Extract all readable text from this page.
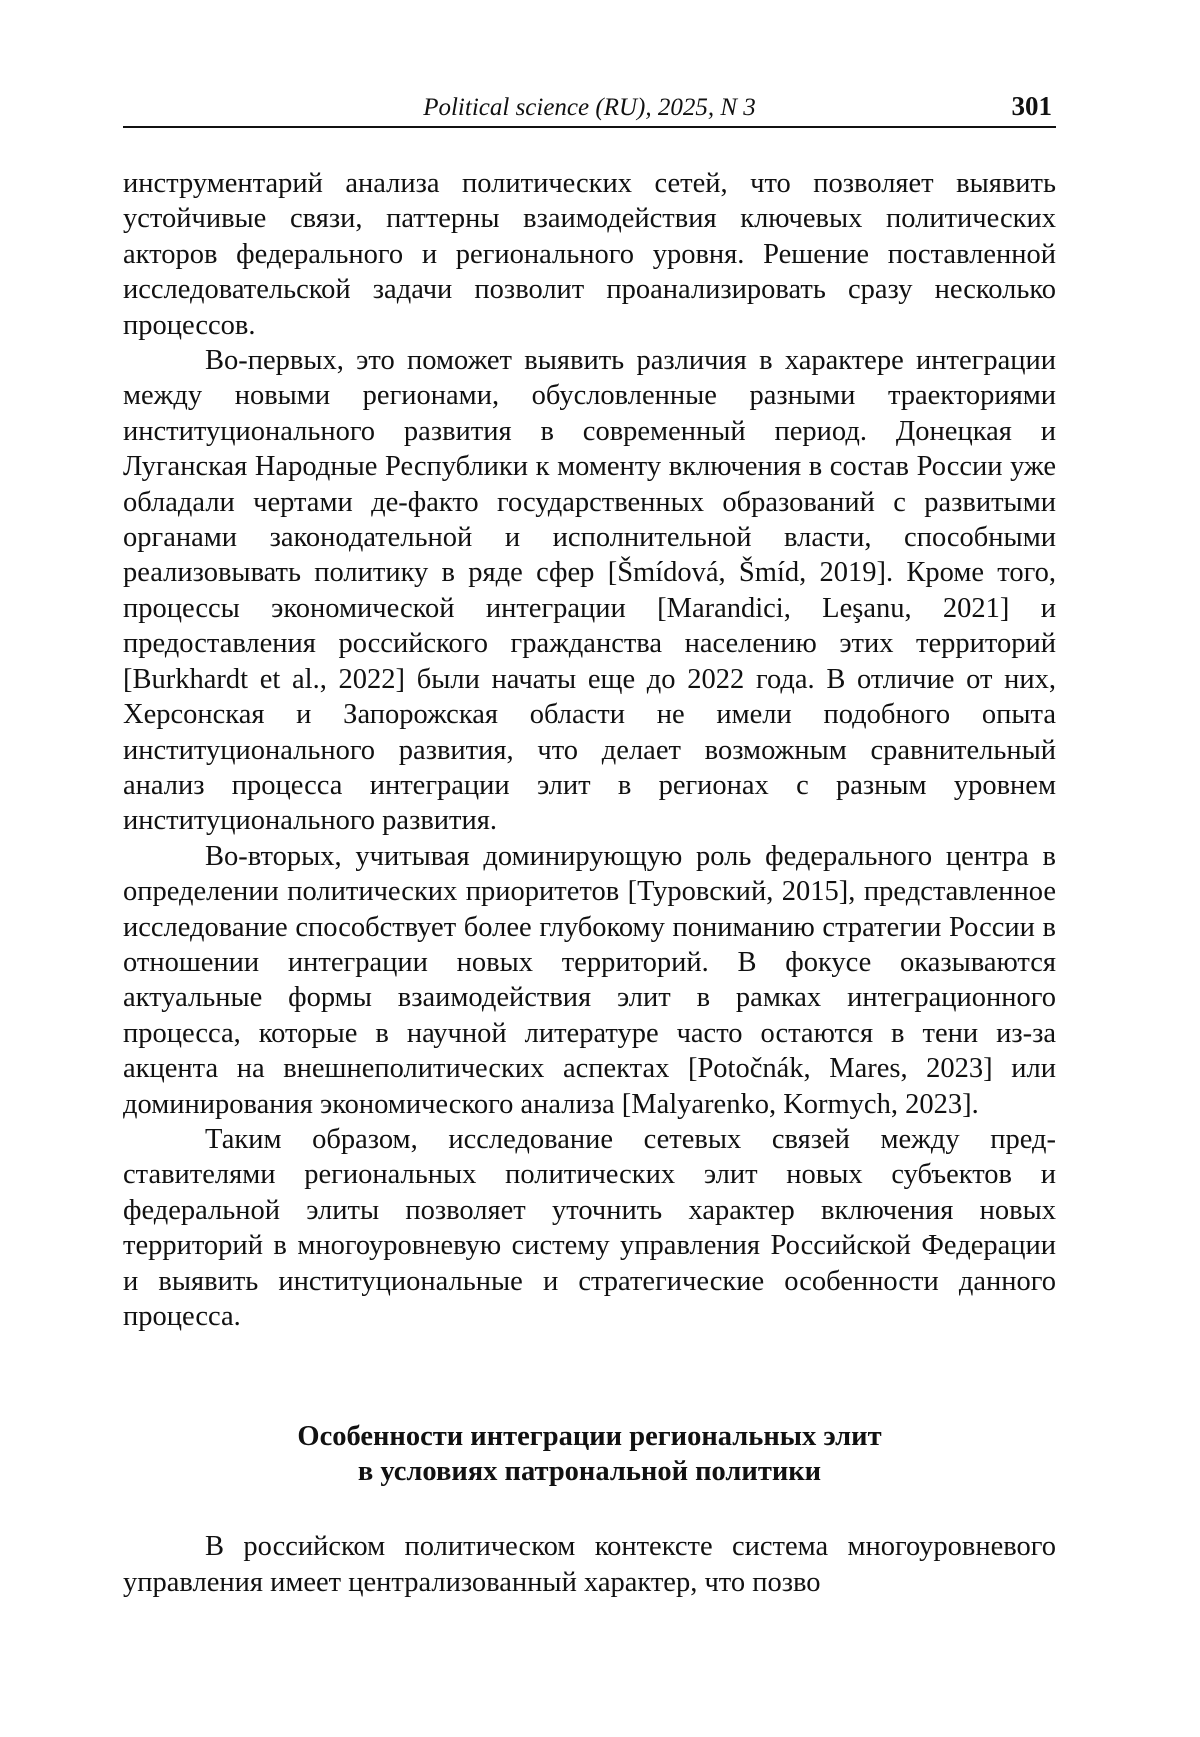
Political science (RU), 2025, N 3	301

инструментарий анализа политических сетей, что позволяет выявить устойчивые связи, паттерны взаимодействия ключевых политических акторов федерального и регионального уровня. Решение поставленной исследовательской задачи позволит проанализировать сразу несколько процессов.

Во-первых, это поможет выявить различия в характере интеграции между новыми регионами, обусловленные разными траекториями институционального развития в современный период. Донецкая и Луганская Народные Республики к моменту включения в состав России уже обладали чертами де-факто государственных образований с развитыми органами законодательной и исполнительной власти, способными реализовывать политику в ряде сфер [Šmídová, Šmíd, 2019]. Кроме того, процессы экономической интеграции [Marandici, Leşanu, 2021] и предоставления российского гражданства населению этих территорий [Burkhardt et al., 2022] были начаты еще до 2022 года. В отличие от них, Херсонская и Запорожская области не имели подобного опыта институционального развития, что делает возможным сравнительный анализ процесса интеграции элит в регионах с разным уровнем институционального развития.

Во-вторых, учитывая доминирующую роль федерального центра в определении политических приоритетов [Туровский, 2015], представленное исследование способствует более глубокому пониманию стратегии России в отношении интеграции новых территорий. В фокусе оказываются актуальные формы взаимодействия элит в рамках интеграционного процесса, которые в научной литературе часто остаются в тени из-за акцента на внешнеполитических аспектах [Potočnák, Mares, 2023] или доминирования экономического анализа [Malyarenko, Kormych, 2023].

Таким образом, исследование сетевых связей между представителями региональных политических элит новых субъектов и федеральной элиты позволяет уточнить характер включения новых территорий в многоуровневую систему управления Российской Федерации и выявить институциональные и стратегические особенности данного процесса.

Особенности интеграции региональных элит
в условиях патрональной политики

В российском политическом контексте система многоуровневого управления имеет централизованный характер, что позво
